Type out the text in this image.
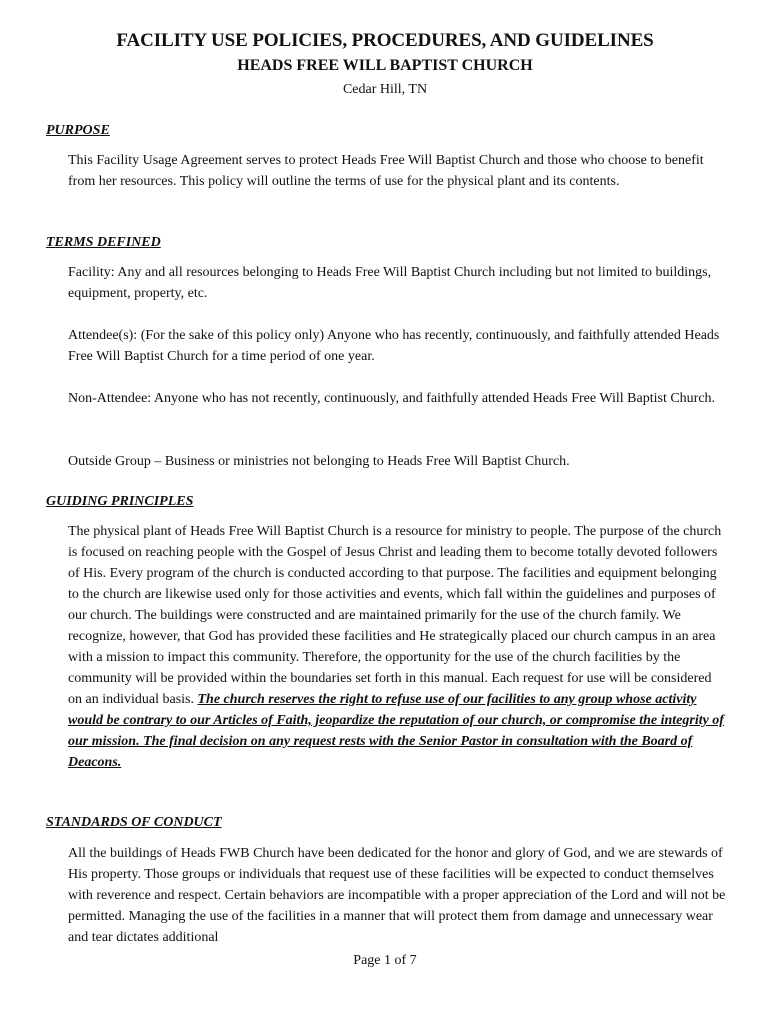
FACILITY USE POLICIES, PROCEDURES, AND GUIDELINES
HEADS FREE WILL BAPTIST CHURCH
Cedar Hill, TN
PURPOSE
This Facility Usage Agreement serves to protect Heads Free Will Baptist Church and those who choose to benefit from her resources. This policy will outline the terms of use for the physical plant and its contents.
TERMS DEFINED
Facility: Any and all resources belonging to Heads Free Will Baptist Church including but not limited to buildings, equipment, property, etc.
Attendee(s): (For the sake of this policy only) Anyone who has recently, continuously, and faithfully attended Heads Free Will Baptist Church for a time period of one year.
Non-Attendee: Anyone who has not recently, continuously, and faithfully attended Heads Free Will Baptist Church.
Outside Group – Business or ministries not belonging to Heads Free Will Baptist Church.
GUIDING PRINCIPLES
The physical plant of Heads Free Will Baptist Church is a resource for ministry to people. The purpose of the church is focused on reaching people with the Gospel of Jesus Christ and leading them to become totally devoted followers of His. Every program of the church is conducted according to that purpose. The facilities and equipment belonging to the church are likewise used only for those activities and events, which fall within the guidelines and purposes of our church. The buildings were constructed and are maintained primarily for the use of the church family. We recognize, however, that God has provided these facilities and He strategically placed our church campus in an area with a mission to impact this community. Therefore, the opportunity for the use of the church facilities by the community will be provided within the boundaries set forth in this manual. Each request for use will be considered on an individual basis. The church reserves the right to refuse use of our facilities to any group whose activity would be contrary to our Articles of Faith, jeopardize the reputation of our church, or compromise the integrity of our mission. The final decision on any request rests with the Senior Pastor in consultation with the Board of Deacons.
STANDARDS OF CONDUCT
All the buildings of Heads FWB Church have been dedicated for the honor and glory of God, and we are stewards of His property. Those groups or individuals that request use of these facilities will be expected to conduct themselves with reverence and respect. Certain behaviors are incompatible with a proper appreciation of the Lord and will not be permitted. Managing the use of the facilities in a manner that will protect them from damage and unnecessary wear and tear dictates additional
Page 1 of 7
